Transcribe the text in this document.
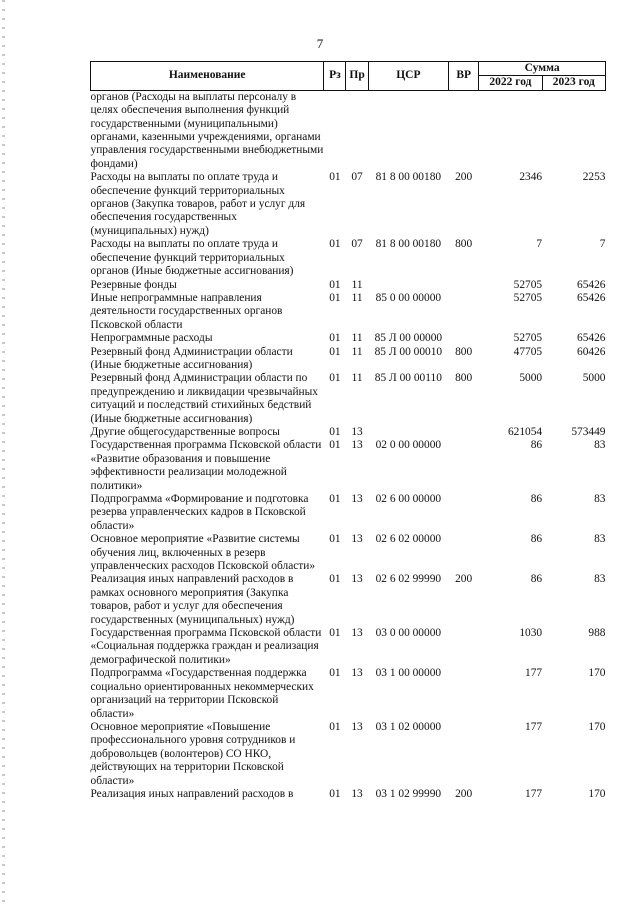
7
Наименование	Рз	Пр	ЦСР	ВР	Сумма	
					2022 год	2023 год
органов (Расходы на выплаты персоналу в целях обеспечения выполнения функций государственными (муниципальными) органами, казенными учреждениями, органами управления государственными внебюджетными фондами)						
Расходы на выплаты по оплате труда и обеспечение функций территориальных органов (Закупка товаров, работ и услуг для обеспечения государственных (муниципальных) нужд)	01	07	81 8 00 00180	200	2346	2253
Расходы на выплаты по оплате труда и обеспечение функций территориальных органов (Иные бюджетные ассигнования)	01	07	81 8 00 00180	800	7	7
Резервные фонды	01	11			52705	65426
Иные непрограммные направления деятельности государственных органов Псковской области	01	11	85 0 00 00000		52705	65426
Непрограммные расходы	01	11	85 Л 00 00000		52705	65426
Резервный фонд Администрации области (Иные бюджетные ассигнования)	01	11	85 Л 00 00010	800	47705	60426
Резервный фонд Администрации области по предупреждению и ликвидации чрезвычайных ситуаций и последствий стихийных бедствий (Иные бюджетные ассигнования)	01	11	85 Л 00 00110	800	5000	5000
Другие общегосударственные вопросы	01	13			621054	573449
Государственная программа Псковской области «Развитие образования и повышение эффективности реализации молодежной политики»	01	13	02 0 00 00000		86	83
Подпрограмма «Формирование и подготовка резерва управленческих кадров в Псковской области»	01	13	02 6 00 00000		86	83
Основное мероприятие «Развитие системы обучения лиц, включенных в резерв управленческих расходов Псковской области»	01	13	02 6 02 00000		86	83
Реализация иных направлений расходов в рамках основного мероприятия (Закупка товаров, работ и услуг для обеспечения государственных (муниципальных) нужд)	01	13	02 6 02 99990	200	86	83
Государственная программа Псковской области «Социальная поддержка граждан и реализация демографической политики»	01	13	03 0 00 00000		1030	988
Подпрограмма «Государственная поддержка социально ориентированных некоммерческих организаций на территории Псковской области»	01	13	03 1 00 00000		177	170
Основное мероприятие «Повышение профессионального уровня сотрудников и добровольцев (волонтеров) СО НКО, действующих на территории Псковской области»	01	13	03 1 02 00000		177	170
Реализация иных направлений расходов в	01	13	03 1 02 99990	200	177	170
